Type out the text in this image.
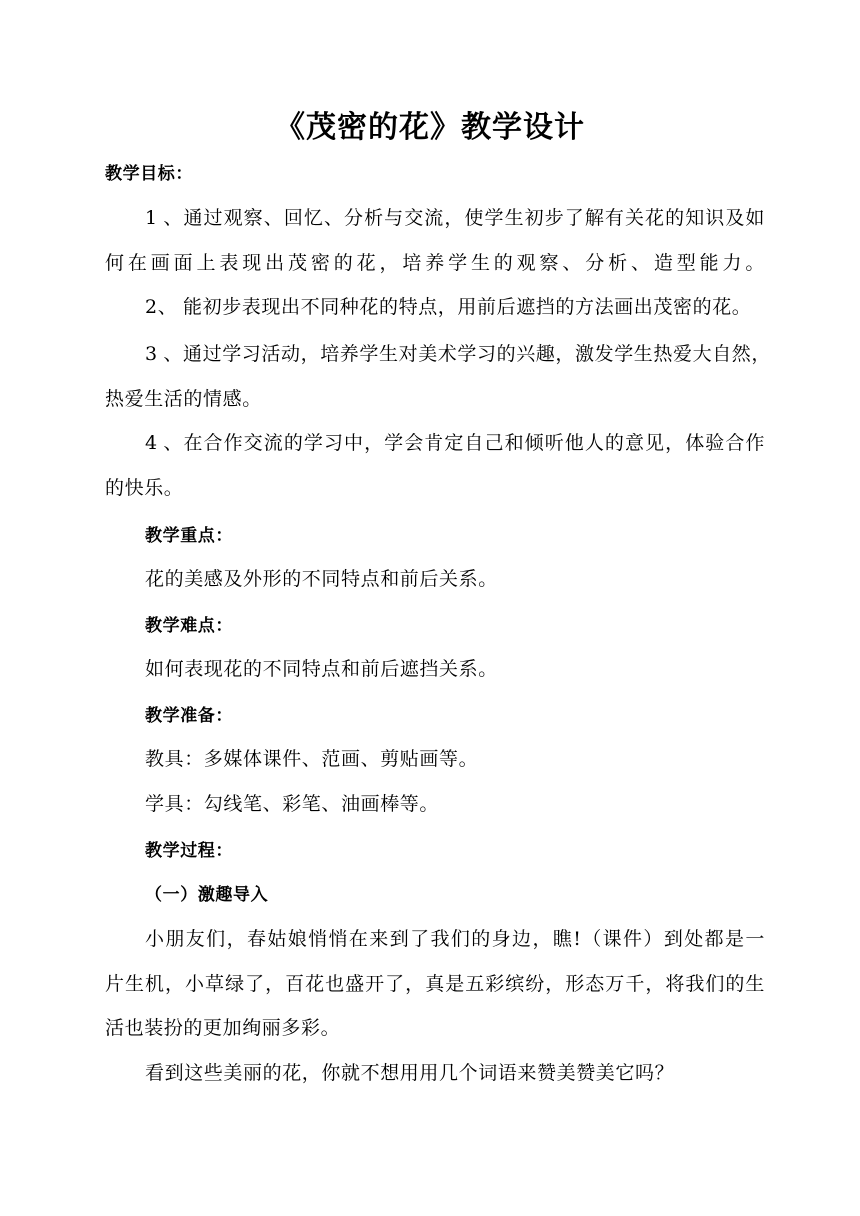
《茂密的花》教学设计
教学目标：
1、通过观察、回忆、分析与交流，使学生初步了解有关花的知识及如
何在画面上表现出茂密的花，培养学生的观察、分析、造型能力。
2、 能初步表现出不同种花的特点，用前后遮挡的方法画出茂密的花。
3、通过学习活动，培养学生对美术学习的兴趣，激发学生热爱大自然，
热爱生活的情感。
4、在合作交流的学习中，学会肯定自己和倾听他人的意见，体验合作
的快乐。
教学重点：
花的美感及外形的不同特点和前后关系。
教学难点：
如何表现花的不同特点和前后遮挡关系。
教学准备：
教具：多媒体课件、范画、剪贴画等。
学具：勾线笔、彩笔、油画棒等。
教学过程：
（一）激趣导入
小朋友们，春姑娘悄悄在来到了我们的身边，瞧!（课件）到处都是一
片生机，小草绿了，百花也盛开了，真是五彩缤纷，形态万千，将我们的生
活也装扮的更加绚丽多彩。
看到这些美丽的花，你就不想用用几个词语来赞美赞美它吗？
